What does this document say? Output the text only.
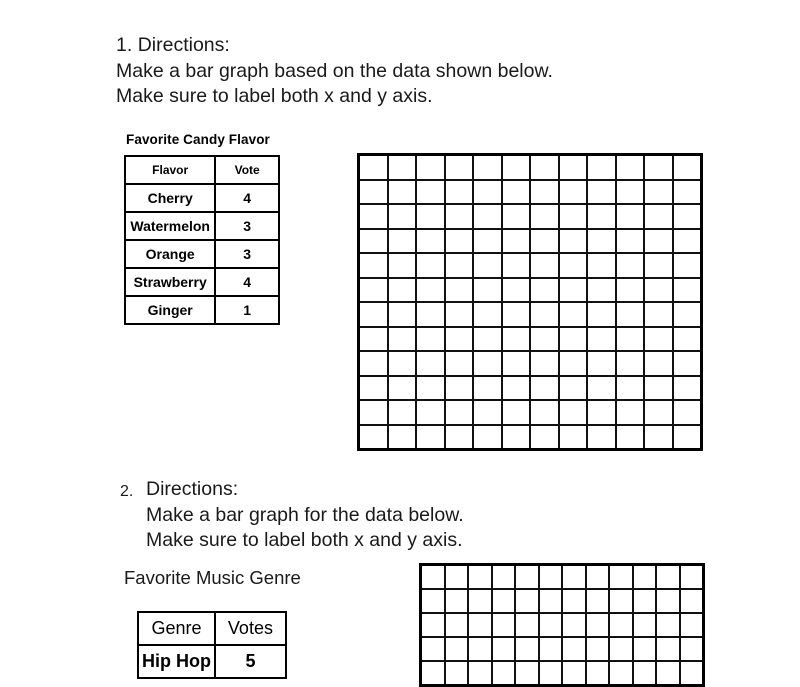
1. Directions:
Make a bar graph based on the data shown below.
Make sure to label both x and y axis.
Favorite Candy Flavor
Flavor	Vote
Cherry	4
Watermelon	3
Orange	3
Strawberry	4
Ginger	1

2. Directions:
Make a bar graph for the data below.
Make sure to label both x and y axis.
Favorite Music Genre
Genre	Votes
Hip Hop	5
